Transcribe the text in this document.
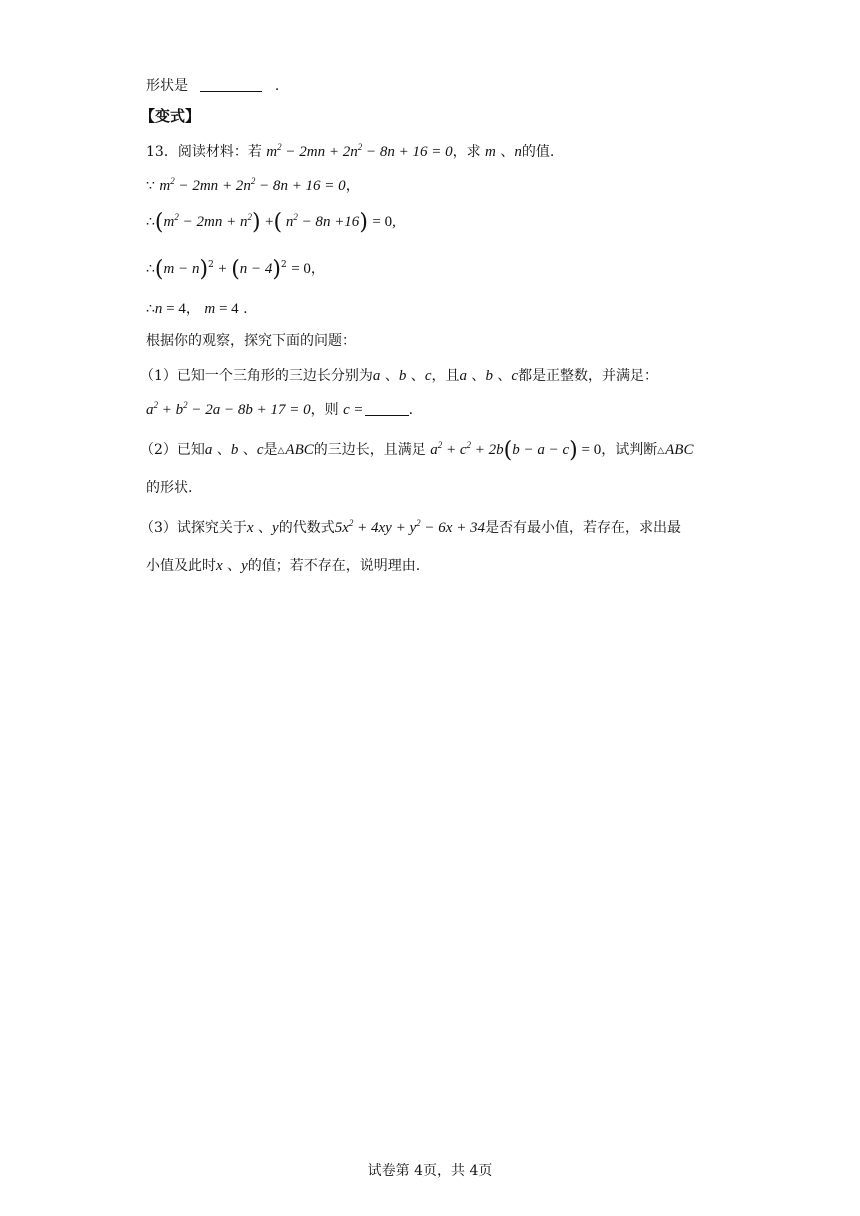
形状是	.
【变式】
13．阅读材料：若 $m^2 - 2mn + 2n^2 - 8n + 16 = 0$，求 m 、n的值.
∵ $m^2 - 2mn + 2n^2 - 8n + 16 = 0$，
$\therefore(m^2 - 2mn + n^2)$ +( $n^2 - 8n +16) = 0$,
∴(m − $n)^2 + (n - 4)^2 = 0$，
∴n = 4， m = 4 .
根据你的观察，探究下面的问题：
（1）已知一个三角形的三边长分别为a 、b 、c，且a 、b 、c都是正整数，并满足：
$a^2 + b^2 - 2a - 8b + 17 = 0$，则 c =	.
（2）已知a 、b 、c是△ABC的三边长，且满足 $a^2 + c^2 + 2b(b - a - c) = 0$，试判断△ABC
的形状.
（3）试探究关于x 、y的代数式$5x^2 + 4xy + y^2 - 6x + 34$是否有最小值，若存在，求出最
小值及此时x 、y的值；若不存在，说明理由.
试卷第 4页，共 4页
